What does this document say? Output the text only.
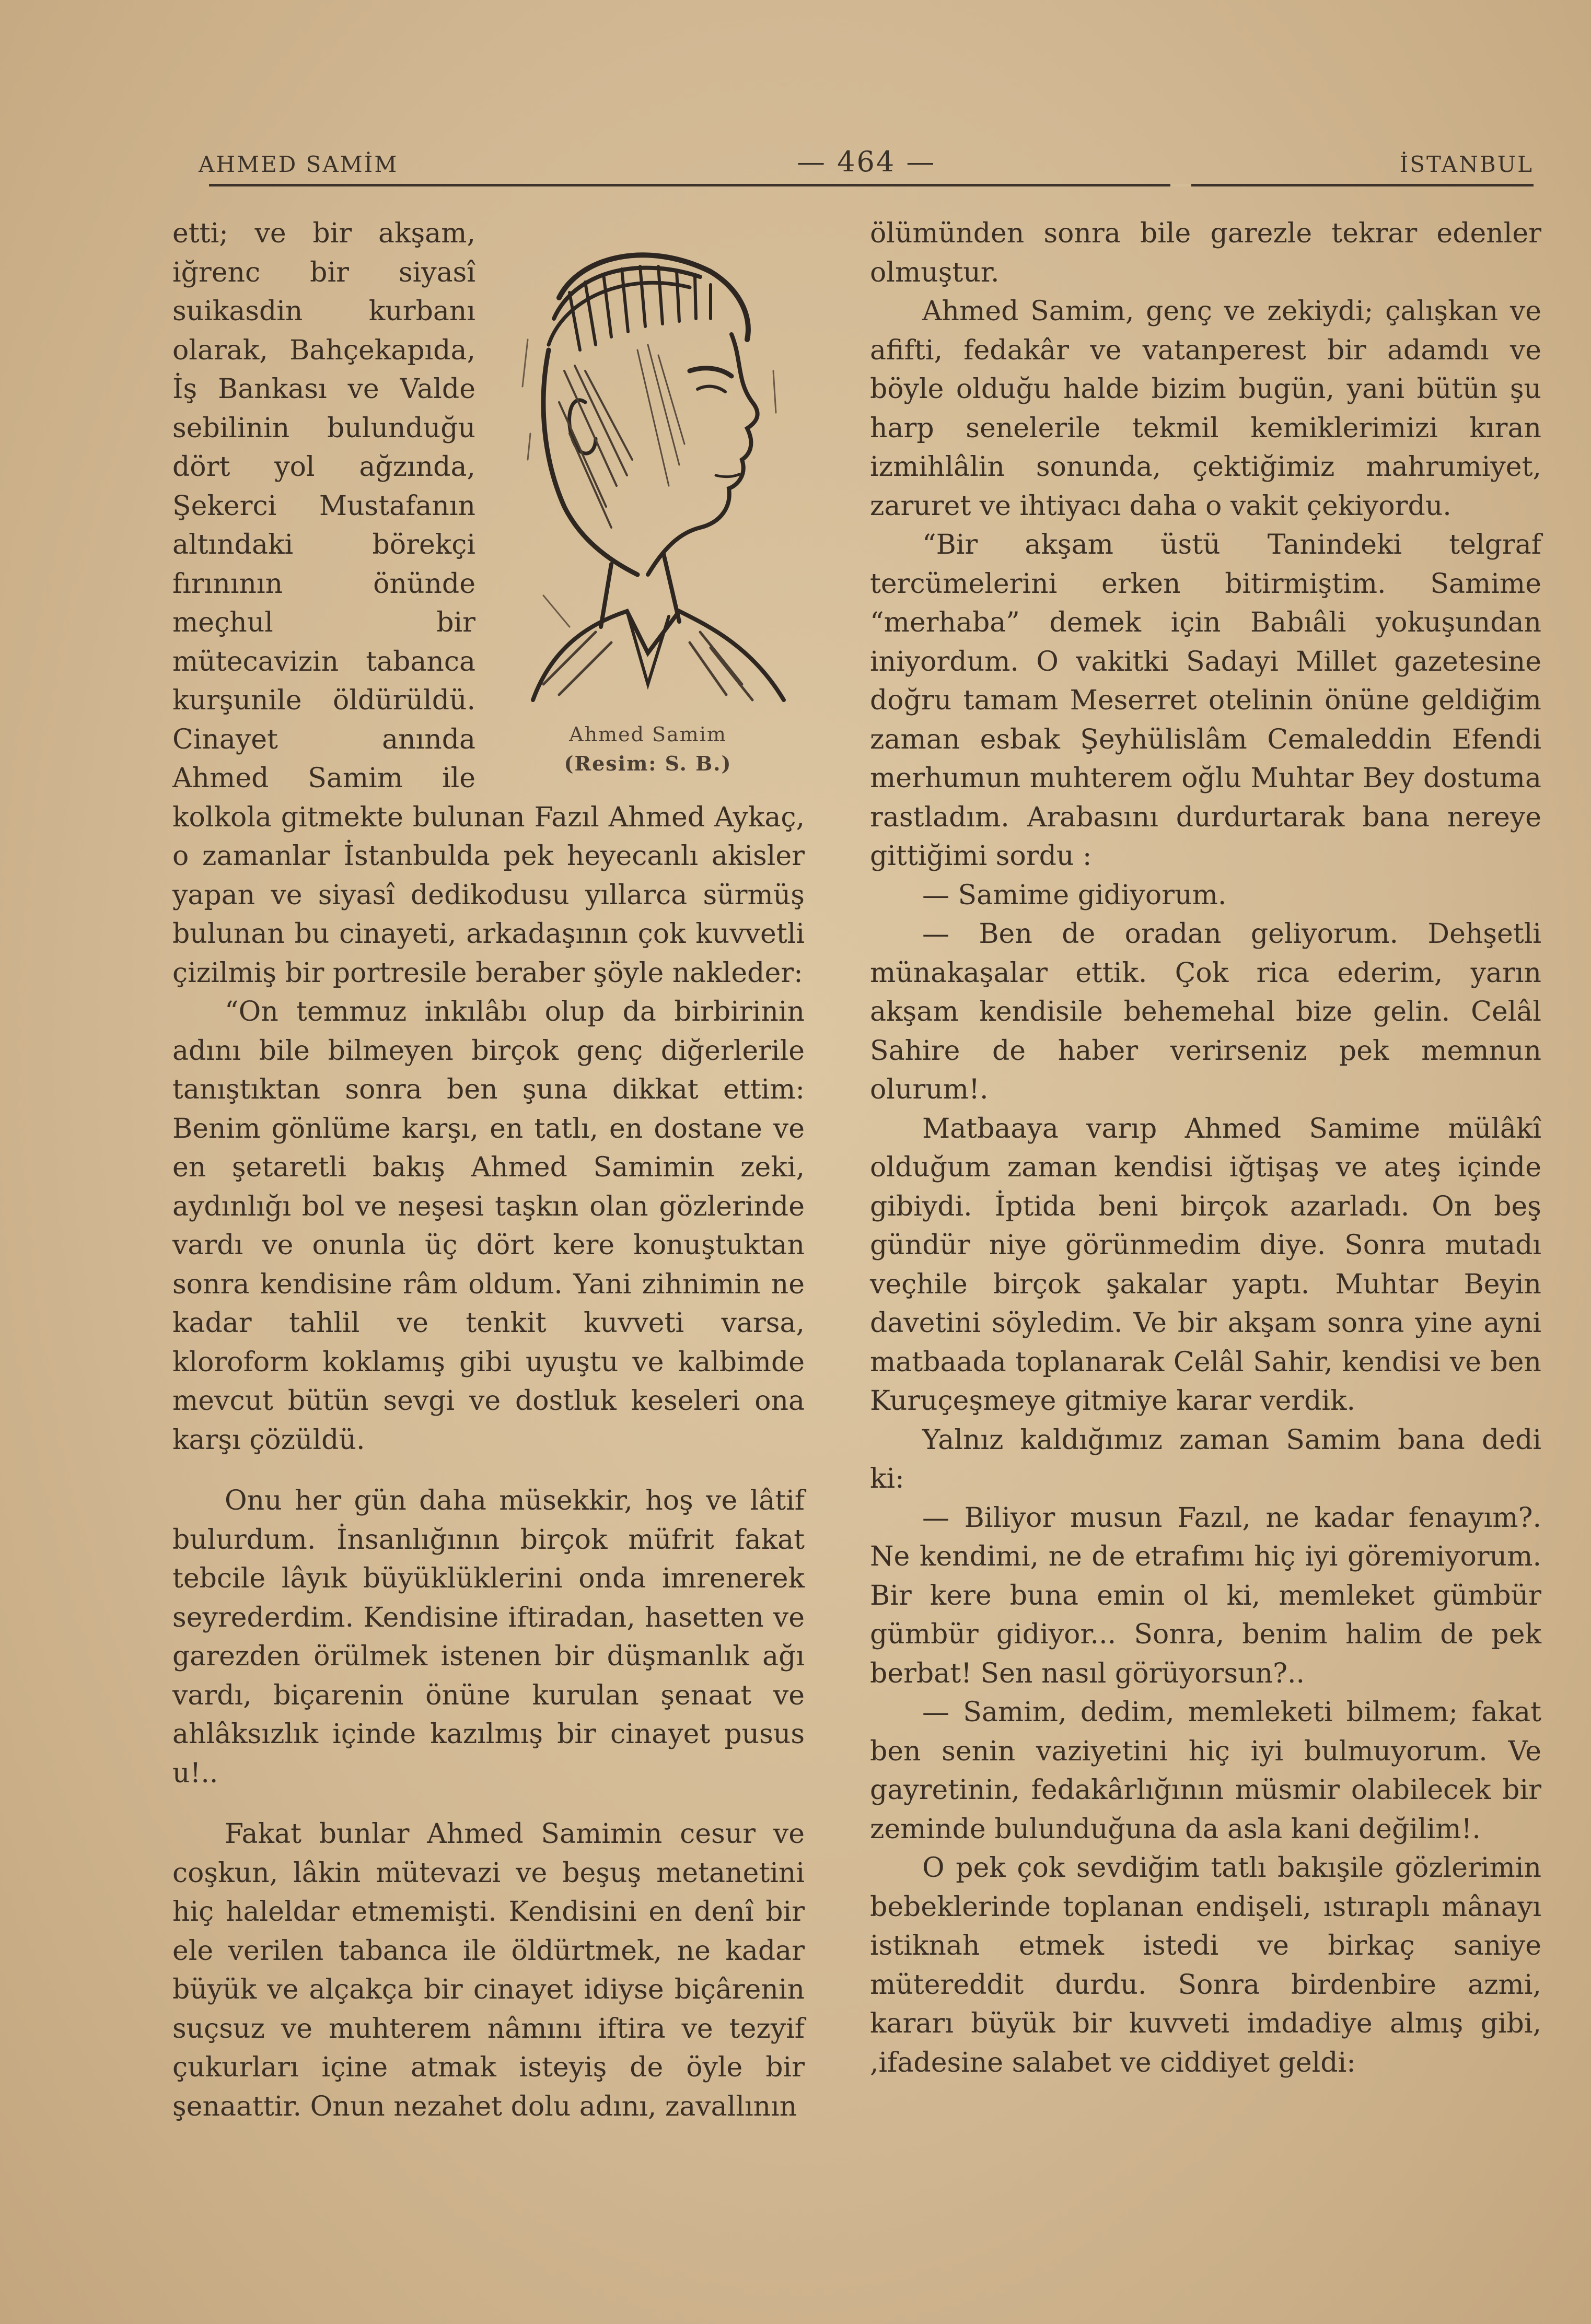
AHMED SAMİM	— 464 —	İSTANBUL
Ahmed Samim
(Resim: S. B.)

etti; ve bir akşam, iğrenc bir siyasî suikasdin kurbanı olarak, Bahçekapıda, İş Bankası ve Valde sebilinin bulunduğu dört yol ağzında, Şekerci Mustafanın altındaki börekçi fırınının önünde meçhul bir mütecavizin tabanca kurşunile öldürüldü. Cinayet anında Ahmed Samim ile kolkola gitmekte bulunan Fazıl Ahmed Aykaç, o zamanlar İstanbulda pek heyecanlı akisler yapan ve siyasî dedikodusu yıllarca sürmüş bulunan bu cinayeti, arkadaşının çok kuvvetli çizilmiş bir portresile beraber şöyle nakleder:

“On temmuz inkılâbı olup da birbirinin adını bile bilmeyen birçok genç diğerlerile tanıştıktan sonra ben şuna dikkat ettim: Benim gönlüme karşı, en tatlı, en dostane ve en şetaretli bakış Ahmed Samimin zeki, aydınlığı bol ve neşesi taşkın olan gözlerinde vardı ve onunla üç dört kere konuştuktan sonra kendisine râm oldum. Yani zihnimin ne kadar tahlil ve tenkit kuvveti varsa, kloroform koklamış gibi uyuştu ve kalbimde mevcut bütün sevgi ve dostluk keseleri ona karşı çözüldü.

Onu her gün daha müsekkir, hoş ve lâtif bulurdum. İnsanlığının birçok müfrit fakat tebcile lâyık büyüklüklerini onda imrenerek seyrederdim. Kendisine iftiradan, hasetten ve garezden örülmek istenen bir düşmanlık ağı vardı, biçarenin önüne kurulan şenaat ve ahlâksızlık içinde kazılmış bir cinayet pusus u!..

Fakat bunlar Ahmed Samimin cesur ve coşkun, lâkin mütevazi ve beşuş metanetini hiç haleldar etmemişti. Kendisini en denî bir ele verilen tabanca ile öldürtmek, ne kadar büyük ve alçakça bir cinayet idiyse biçârenin suçsuz ve muhterem nâmını iftira ve tezyif çukurları içine atmak isteyiş de öyle bir şenaattir. Onun nezahet dolu adını, zavallının

ölümünden sonra bile garezle tekrar edenler olmuştur.

Ahmed Samim, genç ve zekiydi; çalışkan ve afifti, fedakâr ve vatanperest bir adamdı ve böyle olduğu halde bizim bugün, yani bütün şu harp senelerile tekmil kemiklerimizi kıran izmihlâlin sonunda, çektiğimiz mahrumiyet, zaruret ve ihtiyacı daha o vakit çekiyordu.

“Bir akşam üstü Tanindeki telgraf tercümelerini erken bitirmiştim. Samime “merhaba” demek için Babıâli yokuşundan iniyordum. O vakitki Sadayi Millet gazetesine doğru tamam Meserret otelinin önüne geldiğim zaman esbak Şeyhülislâm Cemaleddin Efendi merhumun muhterem oğlu Muhtar Bey dostuma rastladım. Arabasını durdurtarak bana nereye gittiğimi sordu :

— Samime gidiyorum.

— Ben de oradan geliyorum. Dehşetli münakaşalar ettik. Çok rica ederim, yarın akşam kendisile behemehal bize gelin. Celâl Sahire de haber verirseniz pek memnun olurum!.

Matbaaya varıp Ahmed Samime mülâkî olduğum zaman kendisi iğtişaş ve ateş içinde gibiydi. İptida beni birçok azarladı. On beş gündür niye görünmedim diye. Sonra mutadı veçhile birçok şakalar yaptı. Muhtar Beyin davetini söyledim. Ve bir akşam sonra yine ayni matbaada toplanarak Celâl Sahir, kendisi ve ben Kuruçeşmeye gitmiye karar verdik.

Yalnız kaldığımız zaman Samim bana dedi ki:

— Biliyor musun Fazıl, ne kadar fenayım?. Ne kendimi, ne de etrafımı hiç iyi göremiyorum. Bir kere buna emin ol ki, memleket gümbür gümbür gidiyor... Sonra, benim halim de pek berbat! Sen nasıl görüyorsun?..

— Samim, dedim, memleketi bilmem; fakat ben senin vaziyetini hiç iyi bulmuyorum. Ve gayretinin, fedakârlığının müsmir olabilecek bir zeminde bulunduğuna da asla kani değilim!.

O pek çok sevdiğim tatlı bakışile gözlerimin bebeklerinde toplanan endişeli, ıstıraplı mânayı istiknah etmek istedi ve birkaç saniye mütereddit durdu. Sonra birdenbire azmi, kararı büyük bir kuvveti imdadiye almış gibi, ,ifadesine salabet ve ciddiyet geldi:
